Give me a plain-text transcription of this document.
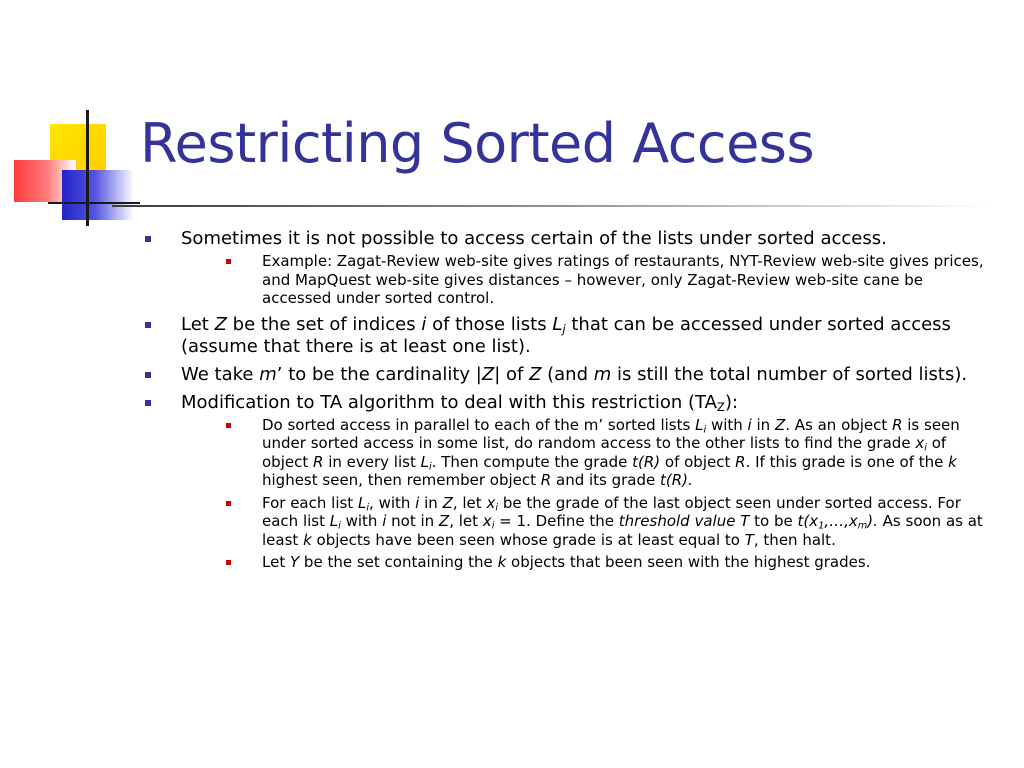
Restricting Sorted Access
Sometimes it is not possible to access certain of the lists under sorted access.
Example: Zagat-Review web-site gives ratings of restaurants, NYT-Review web-site gives prices, and MapQuest web-site gives distances – however, only Zagat-Review web-site cane be accessed under sorted control.
Let Z be the set of indices i of those lists $L_j$ that can be accessed under sorted access (assume that there is at least one list).
We take m’ to be the cardinality |Z| of Z (and m is still the total number of sorted lists).
Modification to TA algorithm to deal with this restriction $(TA_Z)$:
Do sorted access in parallel to each of the m’ sorted lists $L_i$ with i in Z. As an object R is seen under sorted access in some list, do random access to the other lists to find the grade $x_i$ of object R in every list $L_i$. Then compute the grade t(R) of object R. If this grade is one of the k highest seen, then remember object R and its grade t(R).
For each list $L_i$, with i in Z, let $x_i$ be the grade of the last object seen under sorted access. For each list $L_i$ with i not in Z, let $x_i = 1$. Define the threshold value T to be $t(x_1,\dots,x_m)$. As soon as at least k objects have been seen whose grade is at least equal to T, then halt.
Let Y be the set containing the k objects that been seen with the highest grades.
